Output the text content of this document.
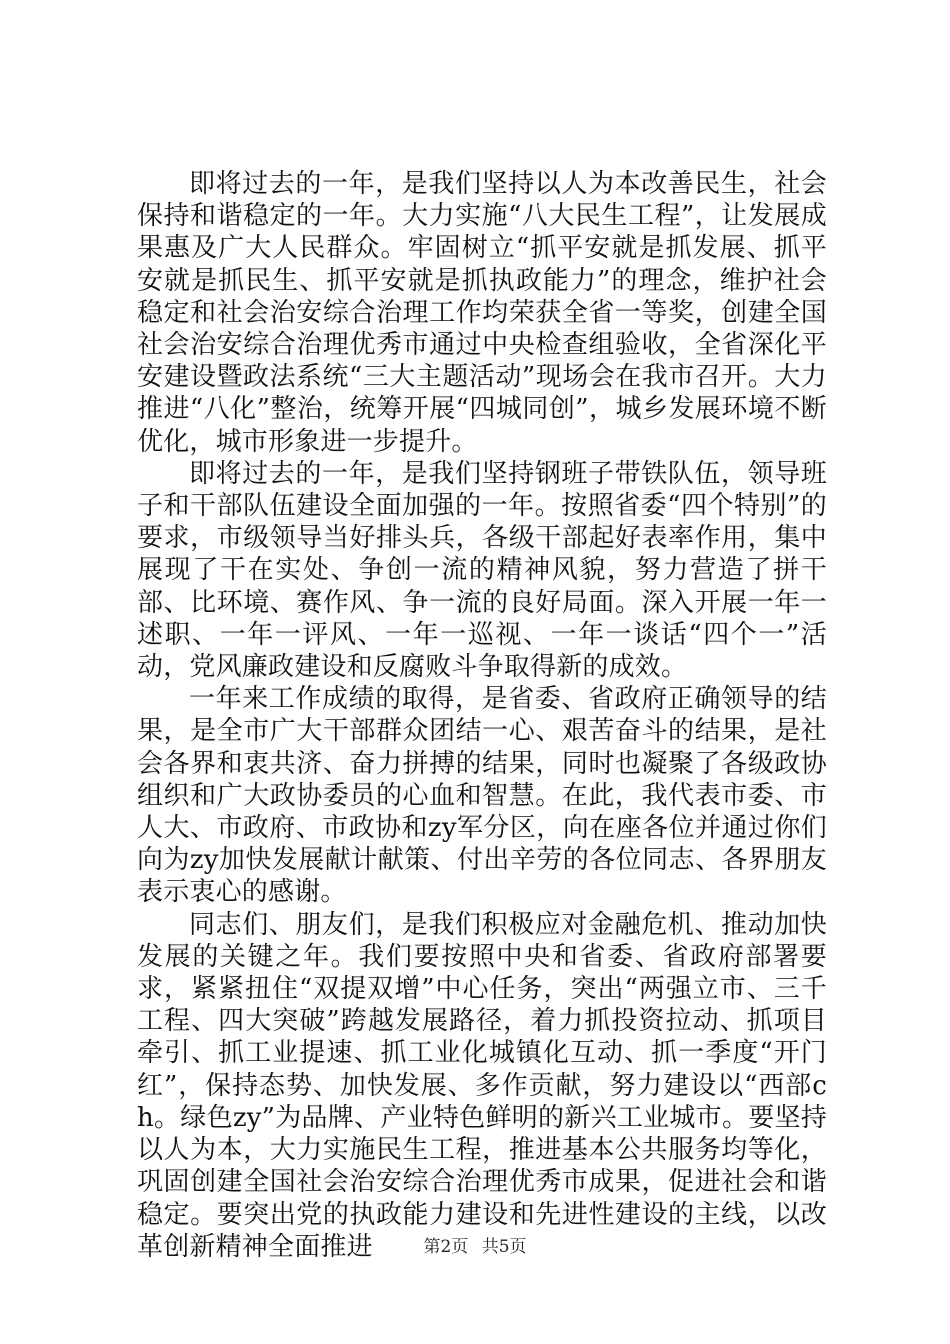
即将过去的一年，是我们坚持以人为本改善民生，社会保持和谐稳定的一年。大力实施“八大民生工程”，让发展成果惠及广大人民群众。牢固树立“抓平安就是抓发展、抓平安就是抓民生、抓平安就是抓执政能力”的理念，维护社会稳定和社会治安综合治理工作均荣获全省一等奖，创建全国社会治安综合治理优秀市通过中央检查组验收，全省深化平安建设暨政法系统“三大主题活动”现场会在我市召开。大力推进“八化”整治，统筹开展“四城同创”，城乡发展环境不断优化，城市形象进一步提升。

即将过去的一年，是我们坚持钢班子带铁队伍，领导班子和干部队伍建设全面加强的一年。按照省委“四个特别”的要求，市级领导当好排头兵，各级干部起好表率作用，集中展现了干在实处、争创一流的精神风貌，努力营造了拼干部、比环境、赛作风、争一流的良好局面。深入开展一年一述职、一年一评风、一年一巡视、一年一谈话“四个一”活动，党风廉政建设和反腐败斗争取得新的成效。

一年来工作成绩的取得，是省委、省政府正确领导的结果，是全市广大干部群众团结一心、艰苦奋斗的结果，是社会各界和衷共济、奋力拼搏的结果，同时也凝聚了各级政协组织和广大政协委员的心血和智慧。在此，我代表市委、市人大、市政府、市政协和zy军分区，向在座各位并通过你们向为zy加快发展献计献策、付出辛劳的各位同志、各界朋友表示衷心的感谢。

同志们、朋友们，是我们积极应对金融危机、推动加快发展的关键之年。我们要按照中央和省委、省政府部署要求，紧紧扭住“双提双增”中心任务，突出“两强立市、三千工程、四大突破”跨越发展路径，着力抓投资拉动、抓项目牵引、抓工业提速、抓工业化城镇化互动、抓一季度“开门红”，保持态势、加快发展、多作贡献，努力建设以“西部ch。绿色zy”为品牌、产业特色鲜明的新兴工业城市。要坚持以人为本，大力实施民生工程，推进基本公共服务均等化，巩固创建全国社会治安综合治理优秀市成果，促进社会和谐稳定。要突出党的执政能力建设和先进性建设的主线，以改革创新精神全面推进	第2页 共5页
